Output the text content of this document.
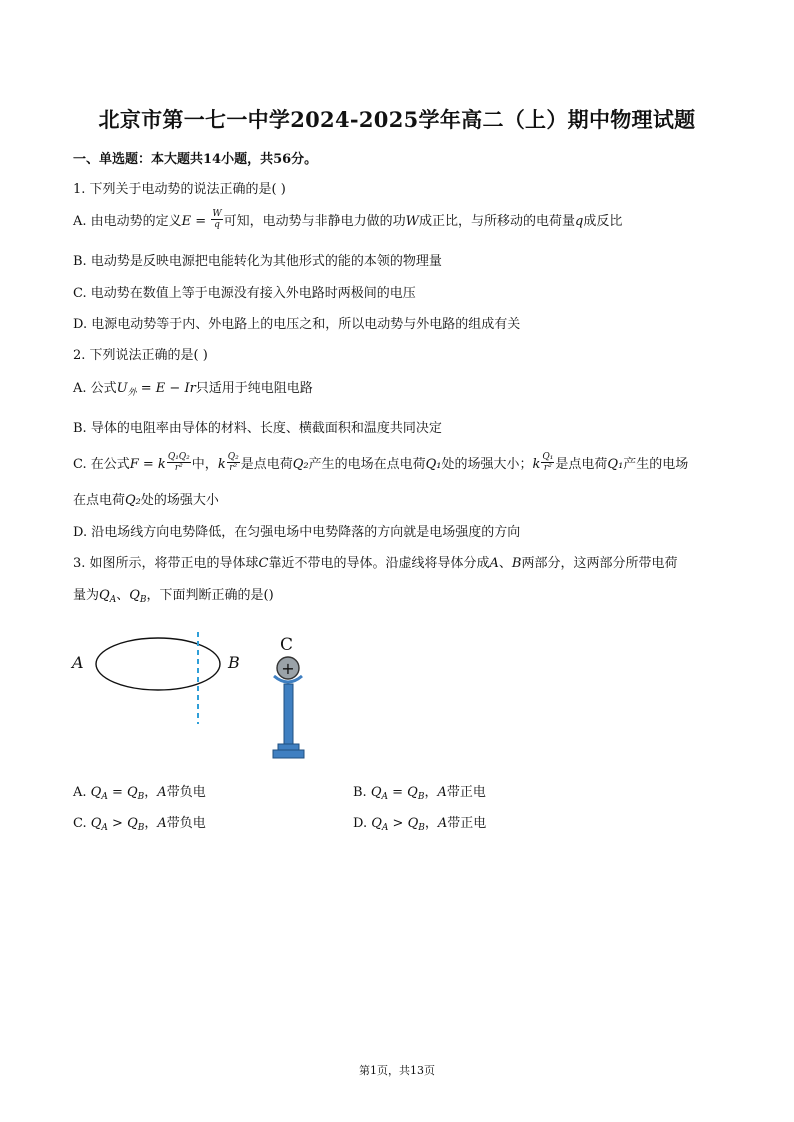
北京市第一七一中学2024-2025学年高二（上）期中物理试题
一、单选题：本大题共14小题，共56分。
1. 下列关于电动势的说法正确的是( )
A. 由电动势的定义$E = \frac{W}{q}$ 可知，电动势与非静电力做的功W成正比，与所移动的电荷量q成反比
B. 电动势是反映电源把电能转化为其他形式的能的本领的物理量
C. 电动势在数值上等于电源没有接入外电路时两极间的电压
D. 电源电动势等于内、外电路上的电压之和，所以电动势与外电路的组成有关
2. 下列说法正确的是( )
A. 公式$U_外 = E - Ir$只适用于纯电阻电路
B. 导体的电阻率由导体的材料、长度、横截面积和温度共同决定
C. 在公式F = k $\frac{\text{Q₁Q₂}}{\text{r²}}$ 中，k $\frac{\text{Q₂}}{\text{r²}}$ 是点电荷Q₂产生的电场在点电荷Q₁处的场强大小；k $\frac{\text{Q₁}}{\text{r²}}$ 是点电荷Q₁产生的电场
在点电荷Q₂处的场强大小
D. 沿电场线方向电势降低，在匀强电场中电势降落的方向就是电场强度的方向
3. 如图所示，将带正电的导体球C靠近不带电的导体。沿虚线将导体分成A、B两部分，这两部分所带电荷
量为$Q_A$、$Q_B$，下面判断正确的是()
A	B
C
+
A. $Q_A = Q_B$，A带负电	B. $Q_A = Q_B$，A带正电
C. $Q_A > Q_B$，A带负电	D. $Q_A > Q_B$，A带正电
第1页，共13页
